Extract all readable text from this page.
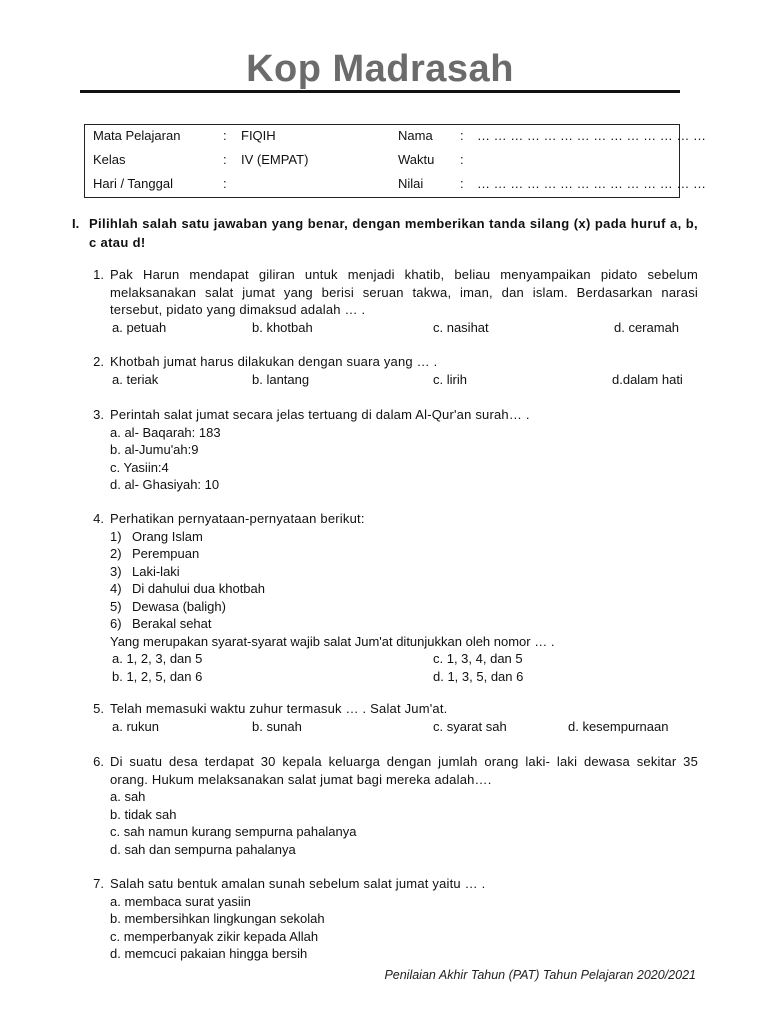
Kop Madrasah
Mata Pelajaran	: FIQIH	Nama : … … … … … … … … … … … … … …
Kelas	: IV (EMPAT)	Waktu :
Hari / Tanggal	:	Nilai	: … … … … … … … … … … … … … …
I. Pilihlah salah satu jawaban yang benar, dengan memberikan tanda silang (x) pada huruf a, b, c atau d!
1. Pak Harun mendapat giliran untuk menjadi khatib, beliau menyampaikan pidato sebelum melaksanakan salat jumat yang berisi seruan takwa, iman, dan islam. Berdasarkan narasi tersebut, pidato yang dimaksud adalah … .
a. petuah	b. khotbah	c. nasihat	d. ceramah
2. Khotbah jumat harus dilakukan dengan suara yang … .
a. teriak	b. lantang	c. lirih	d.dalam hati
3. Perintah salat jumat secara jelas tertuang di dalam Al-Qur'an surah… .
a. al- Baqarah: 183
b. al-Jumu'ah:9
c. Yasiin:4
d. al- Ghasiyah: 10
4. Perhatikan pernyataan-pernyataan berikut:
1) Orang Islam
2) Perempuan
3) Laki-laki
4) Di dahului dua khotbah
5) Dewasa (baligh)
6) Berakal sehat
Yang merupakan syarat-syarat wajib salat Jum'at ditunjukkan oleh nomor … .
a. 1, 2, 3, dan 5
b. 1, 2, 5, dan 6
c. 1, 3, 4, dan 5
d. 1, 3, 5, dan 6
5. Telah memasuki waktu zuhur termasuk … . Salat Jum'at.
a. rukun	b. sunah	c. syarat sah	d. kesempurnaan
6. Di suatu desa terdapat 30 kepala keluarga dengan jumlah orang laki- laki dewasa sekitar 35 orang. Hukum melaksanakan salat jumat bagi mereka adalah….
a. sah
b. tidak sah
c. sah namun kurang sempurna pahalanya
d. sah dan sempurna pahalanya
7. Salah satu bentuk amalan sunah sebelum salat jumat yaitu … .
a. membaca surat yasiin
b. membersihkan lingkungan sekolah
c. memperbanyak zikir kepada Allah
d. memcuci pakaian hingga bersih
Penilaian Akhir Tahun (PAT) Tahun Pelajaran 2020/2021
